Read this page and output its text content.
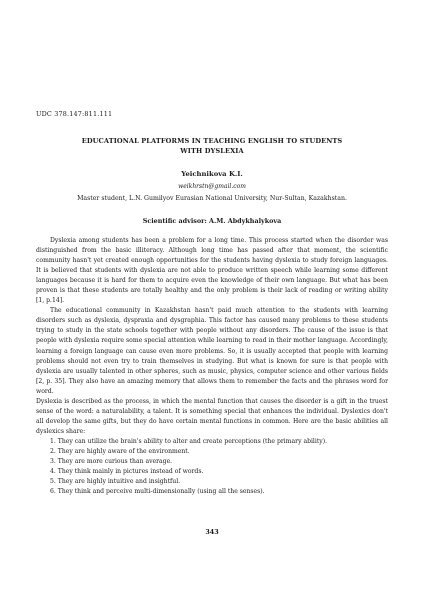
UDC 378.147:811.111
EDUCATIONAL PLATFORMS IN TEACHING ENGLISH TO STUDENTS
WITH DYSLEXIA
Yeichnikova K.I.
weikhrstn@gmail.com
Master student, L.N. Gumilyov Eurasian National University, Nur-Sultan, Kazakhstan.
Scientific advisor: A.M. Abdykhalykova

Dyslexia among students has been a problem for a long time. This process started when the disorder was distinguished from the basic illiteracy. Although long time has passed after that moment, the scientific community hasn't yet created enough opportunities for the students having dyslexia to study foreign languages. It is believed that students with dyslexia are not able to produce written speech while learning some different languages because it is hard for them to acquire even the knowledge of their own language. But what has been proven is that these students are totally healthy and the only problem is their lack of reading or writing ability [1, p.14].

The educational community in Kazakhstan hasn't paid much attention to the students with learning disorders such as dyslexia, dyspraxia and dysgraphia. This factor has caused many problems to these students trying to study in the state schools together with people without any disorders. The cause of the issue is that people with dyslexia require some special attention while learning to read in their mother language. Accordingly, learning a foreign language can cause even more problems. So, it is usually accepted that people with learning problems should not even try to train themselves in studying. But what is known for sure is that people with dyslexia are usually talented in other spheres, such as music, physics, computer science and other various fields [2, p. 35]. They also have an amazing memory that allows them to remember the facts and the phrases word for word.

Dyslexia is described as the process, in which the mental function that causes the disorder is a gift in the truest sense of the word: a naturalability, a talent. It is something special that enhances the individual. Dyslexics don't all develop the same gifts, but they do have certain mental functions in common. Here are the basic abilities all dyslexics share:

1. They can utilize the brain's ability to alter and create perceptions (the primary ability).
2. They are highly aware of the environment.
3. They are more curious than average.
4. They think mainly in pictures instead of words.
5. They are highly intuitive and insightful.
6. They think and perceive multi-dimensionally (using all the senses).
343
